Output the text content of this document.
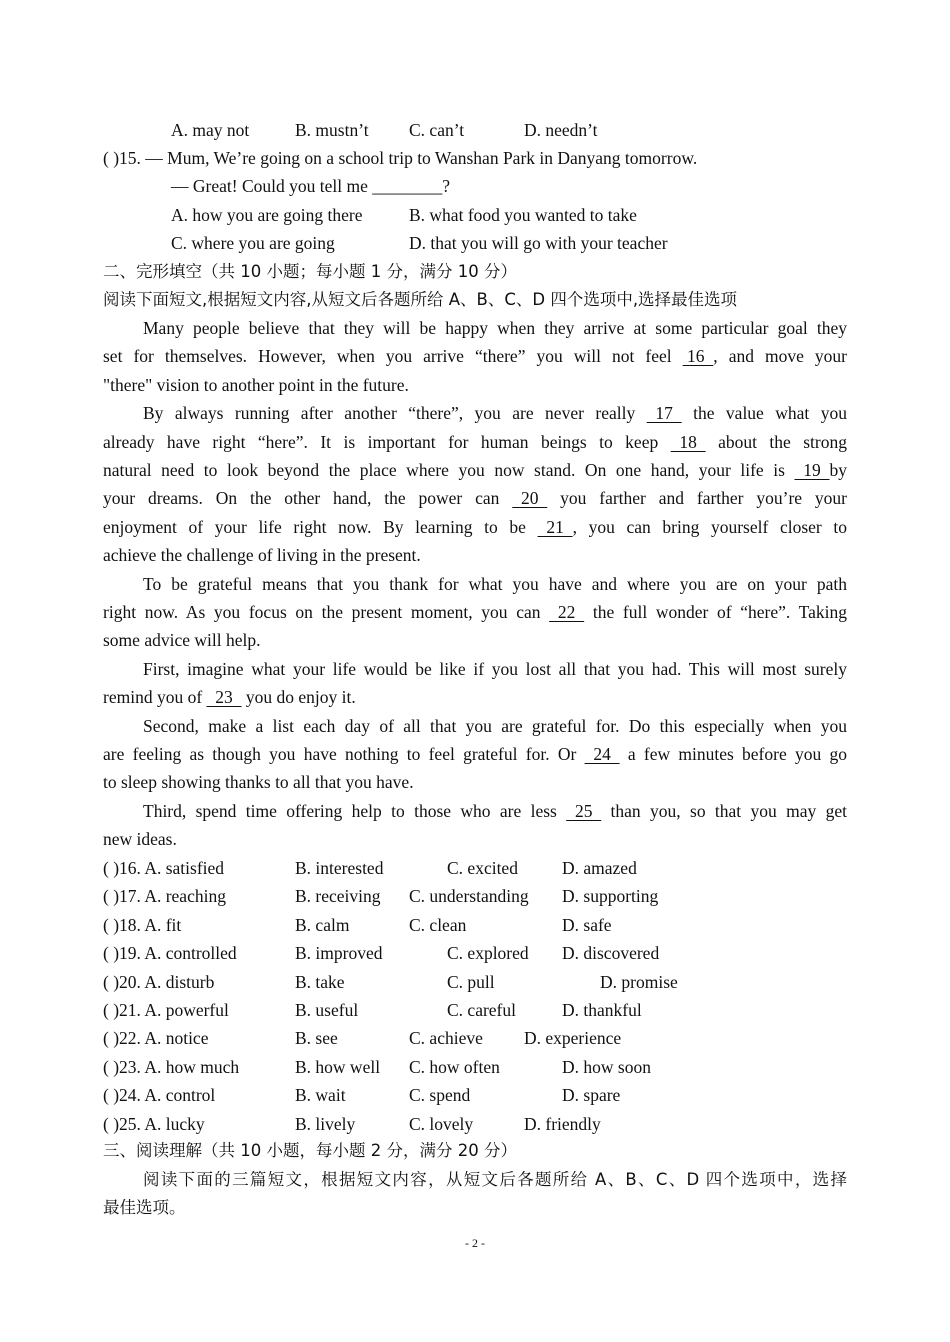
A. may not	B. mustn’t C. can’t	D. needn’t
( )15. — Mum, We’re going on a school trip to Wanshan Park in Danyang tomorrow.
— Great! Could you tell me ________?
A. how you are going there	B. what food you wanted to take
C. where you are going	D. that you will go with your teacher
二、完形填空（共 10 小题；每小题 1 分，满分 10 分）
阅读下面短文,根据短文内容,从短文后各题所给 A、B、C、D 四个选项中,选择最佳选项
Many people believe that they will be happy when they arrive at some particular goal they
set for themselves. However, when you arrive “there” you will not feel  16  , and move your
"there" vision to another point in the future.
By always running after another “there”, you are never really   17   the value what you
already have right “here”. It is important for human beings to keep   18   about the strong
natural need to look beyond the place where you now stand. On one hand, your life is   19  by
your dreams. On the other hand, the power can   20   you farther and farther you’re your
enjoyment of your life right now. By learning to be   21  , you can bring yourself closer to
achieve the challenge of living in the present.
To be grateful means that you thank for what you have and where you are on your path
right now. As you focus on the present moment, you can   22   the full wonder of “here”. Taking
some advice will help.
First, imagine what your life would be like if you lost all that you had. This will most surely
remind you of   23   you do enjoy it.
Second, make a list each day of all that you are grateful for. Do this especially when you
are feeling as though you have nothing to feel grateful for. Or   24   a few minutes before you go
to sleep showing thanks to all that you have.
Third, spend time offering help to those who are less   25   than you, so that you may get
new ideas.
( )16. A. satisfied	B. interested	C. excited	D. amazed
( )17. A. reaching	B. receiving C. understanding D. supporting
( )18. A. fit	B. calm	C. clean	D. safe
( )19. A. controlled	B. improved	C. explored D. discovered
( )20. A. disturb	B. take	C. pull	D. promise
( )21. A. powerful	B. useful	C. careful	D. thankful
( )22. A. notice	B. see	C. achieve D. experience
( )23. A. how much	B. how well C. how often	D. how soon
( )24. A. control	B. wait	C. spend	D. spare
( )25. A. lucky	B. lively	C. lovely	D. friendly
三、阅读理解（共 10 小题，每小题 2 分，满分 20 分）
阅读下面的三篇短文，根据短文内容，从短文后各题所给 A、B、C、D 四个选项中，选择
最佳选项。
- 2 -
